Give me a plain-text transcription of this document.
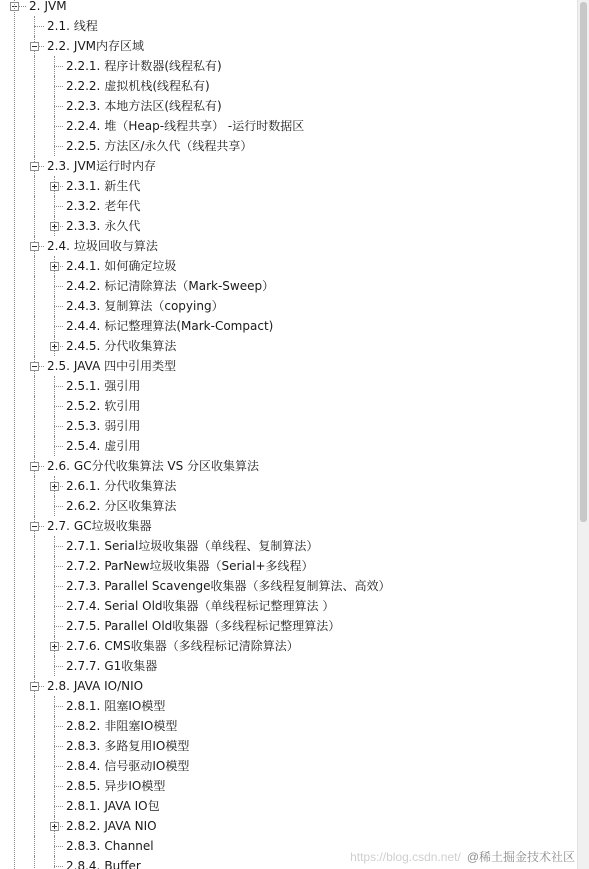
2. JVM
2.1. 线程
2.2. JVM内存区域
2.2.1. 程序计数器(线程私有)
2.2.2. 虚拟机栈(线程私有)
2.2.3. 本地方法区(线程私有)
2.2.4. 堆（Heap-线程共享） -运行时数据区
2.2.5. 方法区/永久代（线程共享）
2.3. JVM运行时内存
2.3.1. 新生代
2.3.2. 老年代
2.3.3. 永久代
2.4. 垃圾回收与算法
2.4.1. 如何确定垃圾
2.4.2. 标记清除算法（Mark-Sweep）
2.4.3. 复制算法（copying）
2.4.4. 标记整理算法(Mark-Compact)
2.4.5. 分代收集算法
2.5. JAVA 四中引用类型
2.5.1. 强引用
2.5.2. 软引用
2.5.3. 弱引用
2.5.4. 虚引用
2.6. GC分代收集算法 VS 分区收集算法
2.6.1. 分代收集算法
2.6.2. 分区收集算法
2.7. GC垃圾收集器
2.7.1. Serial垃圾收集器（单线程、复制算法）
2.7.2. ParNew垃圾收集器（Serial+多线程）
2.7.3. Parallel Scavenge收集器（多线程复制算法、高效）
2.7.4. Serial Old收集器（单线程标记整理算法 ）
2.7.5. Parallel Old收集器（多线程标记整理算法）
2.7.6. CMS收集器（多线程标记清除算法）
2.7.7. G1收集器
2.8. JAVA IO/NIO
2.8.1. 阻塞IO模型
2.8.2. 非阻塞IO模型
2.8.3. 多路复用IO模型
2.8.4. 信号驱动IO模型
2.8.5. 异步IO模型
2.8.1. JAVA IO包
2.8.2. JAVA NIO
2.8.3. Channel
2.8.4. Buffer
https://blog.csdn.net/ @稀土掘金技术社区
